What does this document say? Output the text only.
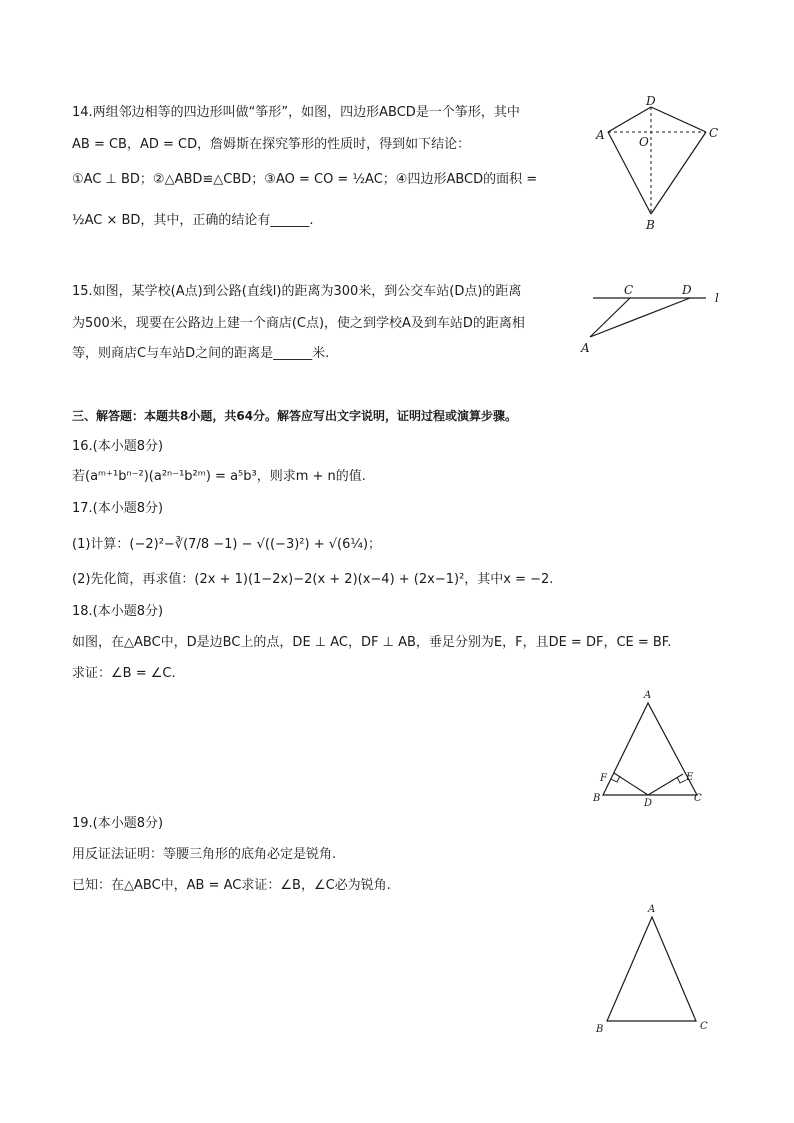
14.两组邻边相等的四边形叫做“筝形”，如图，四边形ABCD是一个筝形，其中
AB = CB，AD = CD，詹姆斯在探究筝形的性质时，得到如下结论：
①AC ⊥ BD；②△ABD≌△CBD；③AO = CO = ½AC；④四边形ABCD的面积 =
½AC × BD，其中，正确的结论有______.
A
D
C
O
B
15.如图，某学校(A点)到公路(直线l)的距离为300米，到公交车站(D点)的距离
为500米，现要在公路边上建一个商店(C点)，使之到学校A及到车站D的距离相
等，则商店C与车站D之间的距离是______米.
C	D
l
A
三、解答题：本题共8小题，共64分。解答应写出文字说明，证明过程或演算步骤。
16.(本小题8分)
若(aᵐ⁺¹bⁿ⁻²)(a²ⁿ⁻¹b²ᵐ) = a⁵b³，则求m + n的值.
17.(本小题8分)
(1)计算：(−2)²−∛(7/8 −1) − √((−3)²) + √(6¼)；
(2)先化简，再求值：(2x + 1)(1−2x)−2(x + 2)(x−4) + (2x−1)²，其中x = −2.
18.(本小题8分)
如图，在△ABC中，D是边BC上的点，DE ⊥ AC，DF ⊥ AB，垂足分别为E，F，且DE = DF，CE = BF.
求证：∠B = ∠C.
A
F	E
B	D	C
19.(本小题8分)
用反证法证明：等腰三角形的底角必定是锐角.
已知：在△ABC中，AB = AC求证：∠B，∠C必为锐角.
A
B	C
